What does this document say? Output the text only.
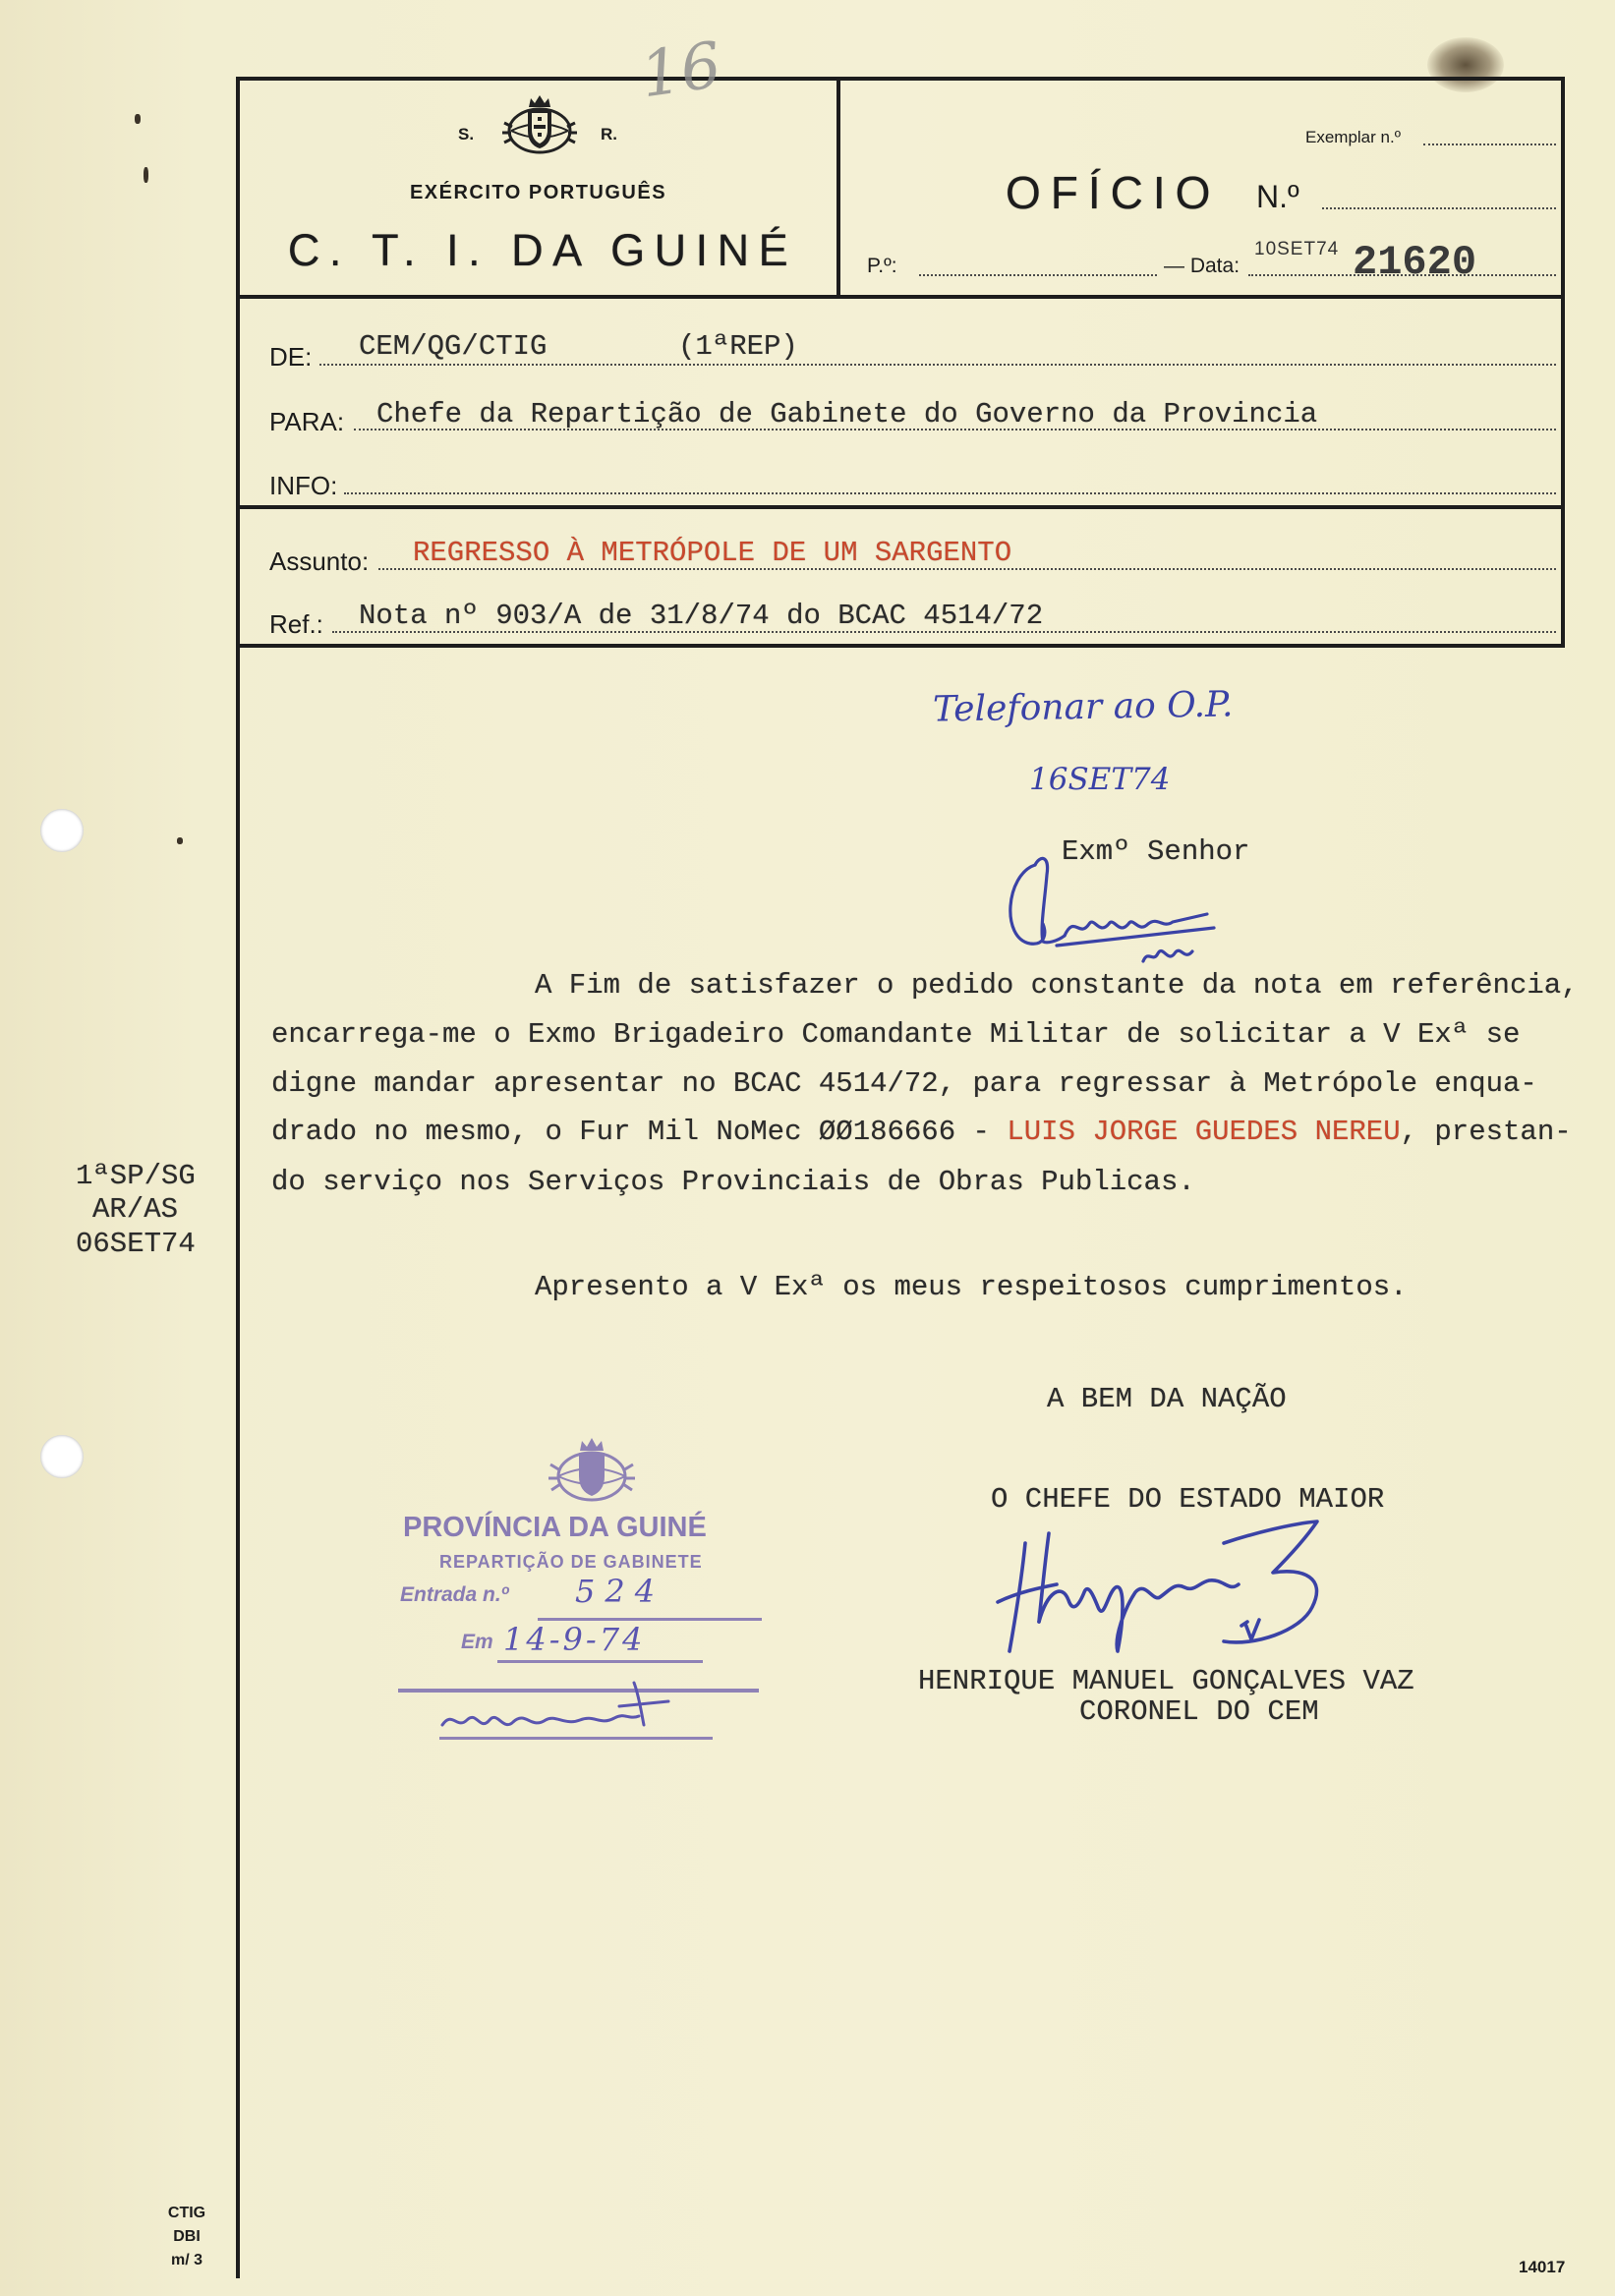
16
S.	R.
EXÉRCITO PORTUGUÊS
C. T. I. DA GUINÉ
Exemplar n.º
OFÍCIO N.º
P.º:	— Data:
10SET74 21620
DE: CEM/QG/CTIG	(1ªREP)
PARA: Chefe da Repartição de Gabinete do Governo da Provincia
INFO:
Assunto: REGRESSO À METRÓPOLE DE UM SARGENTO
Ref.: Nota nº 903/A de 31/8/74 do BCAC 4514/72
Telefonar ao O.P.
16SET74
1ªSP/SG
AR/AS
06SET74
Exmº Senhor
A Fim de satisfazer o pedido constante da nota em referência,
encarrega-me o Exmo Brigadeiro Comandante Militar de solicitar a V Exª se
digne mandar apresentar no BCAC 4514/72, para regressar à Metrópole enqua-
drado no mesmo, o Fur Mil NoMec ØØ186666 - LUIS JORGE GUEDES NEREU, prestan-
do serviço nos Serviços Provinciais de Obras Publicas.
Apresento a V Exª os meus respeitosos cumprimentos.
A BEM DA NAÇÃO
O CHEFE DO ESTADO MAIOR
HENRIQUE MANUEL GONÇALVES VAZ
CORONEL DO CEM
PROVÍNCIA DA GUINÉ
REPARTIÇÃO DE GABINETE
Entrada n.º 524
Em 14-9-74
CTIG
DBI
m/ 3	14017
